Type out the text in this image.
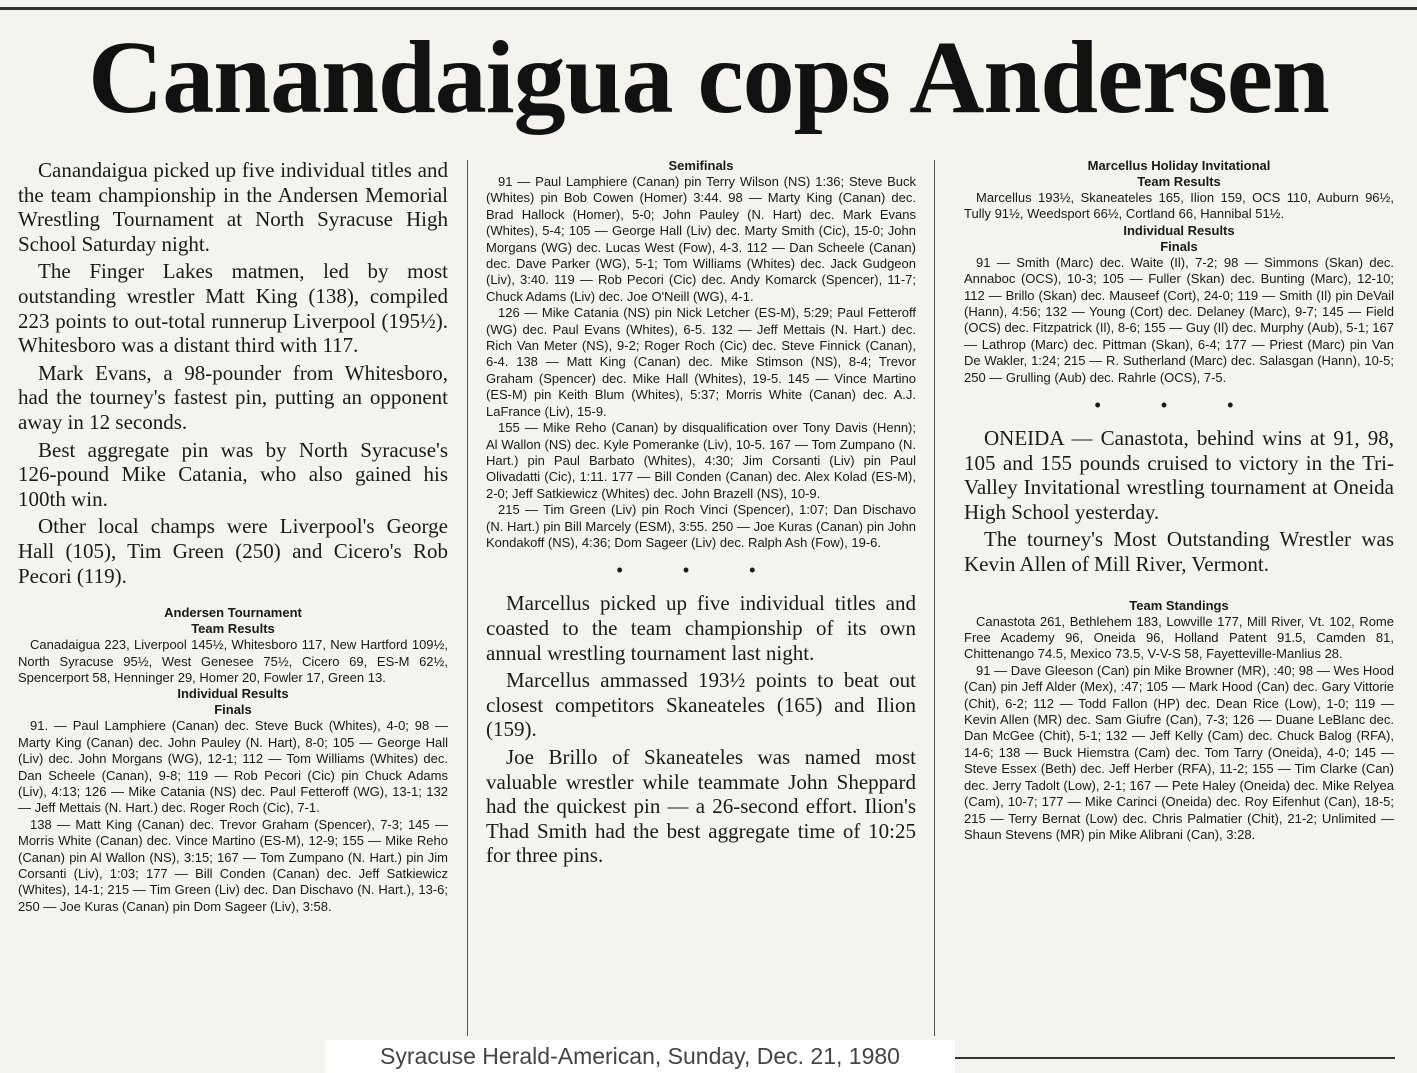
Canandaigua cops Andersen

Canandaigua picked up five individual titles and the team championship in the Andersen Memorial Wrestling Tournament at North Syracuse High School Saturday night.

The Finger Lakes matmen, led by most outstanding wrestler Matt King (138), compiled 223 points to out-total runnerup Liverpool (195½). Whitesboro was a distant third with 117.

Mark Evans, a 98-pounder from Whitesboro, had the tourney's fastest pin, putting an opponent away in 12 seconds.

Best aggregate pin was by North Syracuse's 126-pound Mike Catania, who also gained his 100th win.

Other local champs were Liverpool's George Hall (105), Tim Green (250) and Cicero's Rob Pecori (119).

Andersen Tournament

Team Results

Canadaigua 223, Liverpool 145½, Whitesboro 117, New Hartford 109½, North Syracuse 95½, West Genesee 75½, Cicero 69, ES-M 62½, Spencerport 58, Henninger 29, Homer 20, Fowler 17, Green 13.

Individual Results

Finals

91. — Paul Lamphiere (Canan) dec. Steve Buck (Whites), 4-0; 98 — Marty King (Canan) dec. John Pauley (N. Hart), 8-0; 105 — George Hall (Liv) dec. John Morgans (WG), 12-1; 112 — Tom Williams (Whites) dec. Dan Scheele (Canan), 9-8; 119 — Rob Pecori (Cic) pin Chuck Adams (Liv), 4:13; 126 — Mike Catania (NS) dec. Paul Fetteroff (WG), 13-1; 132 — Jeff Mettais (N. Hart.) dec. Roger Roch (Cic), 7-1.

138 — Matt King (Canan) dec. Trevor Graham (Spencer), 7-3; 145 — Morris White (Canan) dec. Vince Martino (ES-M), 12-9; 155 — Mike Reho (Canan) pin Al Wallon (NS), 3:15; 167 — Tom Zumpano (N. Hart.) pin Jim Corsanti (Liv), 1:03; 177 — Bill Conden (Canan) dec. Jeff Satkiewicz (Whites), 14-1; 215 — Tim Green (Liv) dec. Dan Dischavo (N. Hart.), 13-6; 250 — Joe Kuras (Canan) pin Dom Sageer (Liv), 3:58.

Semifinals

91 — Paul Lamphiere (Canan) pin Terry Wilson (NS) 1:36; Steve Buck (Whites) pin Bob Cowen (Homer) 3:44. 98 — Marty King (Canan) dec. Brad Hallock (Homer), 5-0; John Pauley (N. Hart) dec. Mark Evans (Whites), 5-4; 105 — George Hall (Liv) dec. Marty Smith (Cic), 15-0; John Morgans (WG) dec. Lucas West (Fow), 4-3. 112 — Dan Scheele (Canan) dec. Dave Parker (WG), 5-1; Tom Williams (Whites) dec. Jack Gudgeon (Liv), 3:40. 119 — Rob Pecori (Cic) dec. Andy Komarck (Spencer), 11-7; Chuck Adams (Liv) dec. Joe O'Neill (WG), 4-1.

126 — Mike Catania (NS) pin Nick Letcher (ES-M), 5:29; Paul Fetteroff (WG) dec. Paul Evans (Whites), 6-5. 132 — Jeff Mettais (N. Hart.) dec. Rich Van Meter (NS), 9-2; Roger Roch (Cic) dec. Steve Finnick (Canan), 6-4. 138 — Matt King (Canan) dec. Mike Stimson (NS), 8-4; Trevor Graham (Spencer) dec. Mike Hall (Whites), 19-5. 145 — Vince Martino (ES-M) pin Keith Blum (Whites), 5:37; Morris White (Canan) dec. A.J. LaFrance (Liv), 15-9.

155 — Mike Reho (Canan) by disqualification over Tony Davis (Henn); Al Wallon (NS) dec. Kyle Pomeranke (Liv), 10-5. 167 — Tom Zumpano (N. Hart.) pin Paul Barbato (Whites), 4:30; Jim Corsanti (Liv) pin Paul Olivadatti (Cic), 1:11. 177 — Bill Conden (Canan) dec. Alex Kolad (ES-M), 2-0; Jeff Satkiewicz (Whites) dec. John Brazell (NS), 10-9.

215 — Tim Green (Liv) pin Roch Vinci (Spencer), 1:07; Dan Dischavo (N. Hart.) pin Bill Marcely (ESM), 3:55. 250 — Joe Kuras (Canan) pin John Kondakoff (NS), 4:36; Dom Sageer (Liv) dec. Ralph Ash (Fow), 19-6.

•••

Marcellus picked up five individual titles and coasted to the team championship of its own annual wrestling tournament last night.

Marcellus ammassed 193½ points to beat out closest competitors Skaneateles (165) and Ilion (159).

Joe Brillo of Skaneateles was named most valuable wrestler while teammate John Sheppard had the quickest pin — a 26-second effort. Ilion's Thad Smith had the best aggregate time of 10:25 for three pins.

Marcellus Holiday Invitational

Team Results

Marcellus 193½, Skaneateles 165, Ilion 159, OCS 110, Auburn 96½, Tully 91½, Weedsport 66½, Cortland 66, Hannibal 51½.

Individual Results

Finals

91 — Smith (Marc) dec. Waite (Il), 7-2; 98 — Simmons (Skan) dec. Annaboc (OCS), 10-3; 105 — Fuller (Skan) dec. Bunting (Marc), 12-10; 112 — Brillo (Skan) dec. Mauseef (Cort), 24-0; 119 — Smith (Il) pin DeVail (Hann), 4:56; 132 — Young (Cort) dec. Delaney (Marc), 9-7; 145 — Field (OCS) dec. Fitzpatrick (Il), 8-6; 155 — Guy (Il) dec. Murphy (Aub), 5-1; 167 — Lathrop (Marc) dec. Pittman (Skan), 6-4; 177 — Priest (Marc) pin Van De Wakler, 1:24; 215 — R. Sutherland (Marc) dec. Salasgan (Hann), 10-5; 250 — Grulling (Aub) dec. Rahrle (OCS), 7-5.

•••

ONEIDA — Canastota, behind wins at 91, 98, 105 and 155 pounds cruised to victory in the Tri-Valley Invitational wrestling tournament at Oneida High School yesterday.

The tourney's Most Outstanding Wrestler was Kevin Allen of Mill River, Vermont.

Team Standings

Canastota 261, Bethlehem 183, Lowville 177, Mill River, Vt. 102, Rome Free Academy 96, Oneida 96, Holland Patent 91.5, Camden 81, Chittenango 74.5, Mexico 73.5, V-V-S 58, Fayetteville-Manlius 28.

91 — Dave Gleeson (Can) pin Mike Browner (MR), :40; 98 — Wes Hood (Can) pin Jeff Alder (Mex), :47; 105 — Mark Hood (Can) dec. Gary Vittorie (Chit), 6-2; 112 — Todd Fallon (HP) dec. Dean Rice (Low), 1-0; 119 — Kevin Allen (MR) dec. Sam Giufre (Can), 7-3; 126 — Duane LeBlanc dec. Dan McGee (Chit), 5-1; 132 — Jeff Kelly (Cam) dec. Chuck Balog (RFA), 14-6; 138 — Buck Hiemstra (Cam) dec. Tom Tarry (Oneida), 4-0; 145 — Steve Essex (Beth) dec. Jeff Herber (RFA), 11-2; 155 — Tim Clarke (Can) dec. Jerry Tadolt (Low), 2-1; 167 — Pete Haley (Oneida) dec. Mike Relyea (Cam), 10-7; 177 — Mike Carinci (Oneida) dec. Roy Eifenhut (Can), 18-5; 215 — Terry Bernat (Low) dec. Chris Palmatier (Chit), 21-2; Unlimited — Shaun Stevens (MR) pin Mike Alibrani (Can), 3:28.

Syracuse Herald-American, Sunday, Dec. 21, 1980
